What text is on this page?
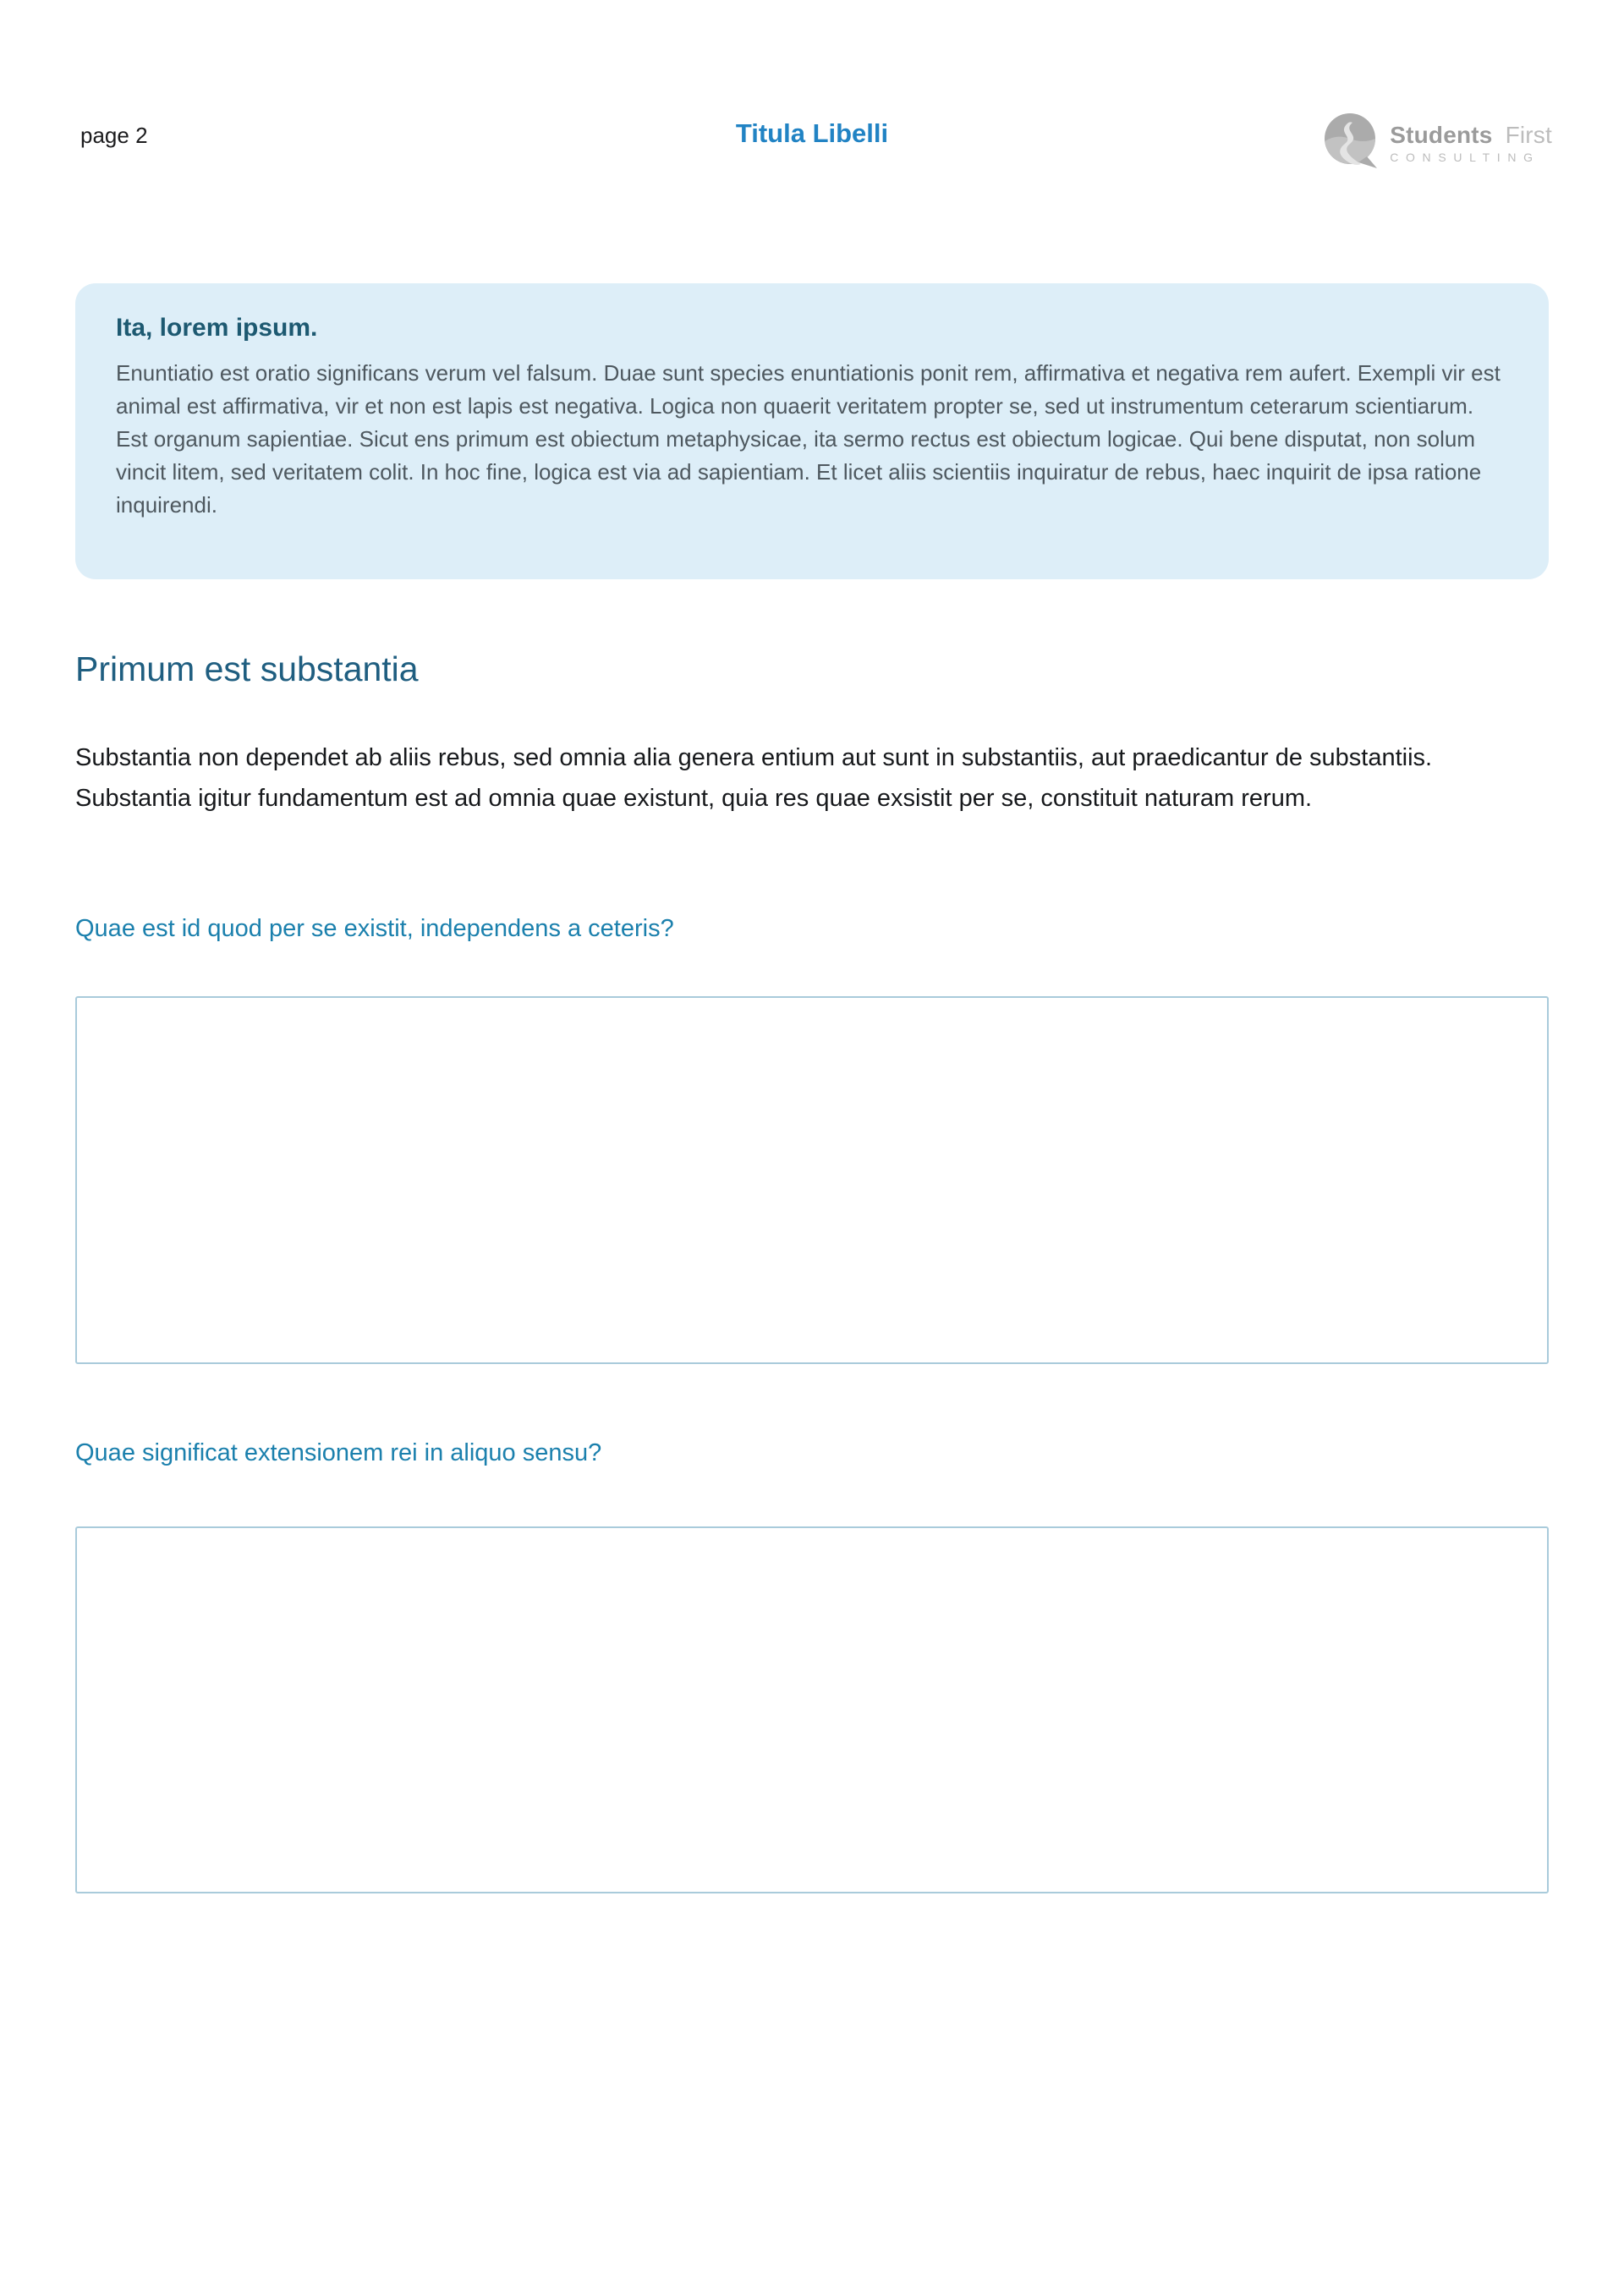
page 2	Titula Libelli	Students First
CONSULTING
Ita, lorem ipsum.
Enuntiatio est oratio significans verum vel falsum. Duae sunt species enuntiationis ponit rem, affirmativa et negativa rem aufert. Exempli vir est animal est affirmativa, vir et non est lapis est negativa. Logica non quaerit veritatem propter se, sed ut instrumentum ceterarum scientiarum. Est organum sapientiae. Sicut ens primum est obiectum metaphysicae, ita sermo rectus est obiectum logicae. Qui bene disputat, non solum vincit litem, sed veritatem colit. In hoc fine, logica est via ad sapientiam. Et licet aliis scientiis inquiratur de rebus, haec inquirit de ipsa ratione inquirendi.
Primum est substantia

Substantia non dependet ab aliis rebus, sed omnia alia genera entium aut sunt in substantiis, aut praedicantur de substantiis. Substantia igitur fundamentum est ad omnia quae existunt, quia res quae exsistit per se, constituit naturam rerum.

Quae est id quod per se existit, independens a ceteris?
Quae significat extensionem rei in aliquo sensu?
